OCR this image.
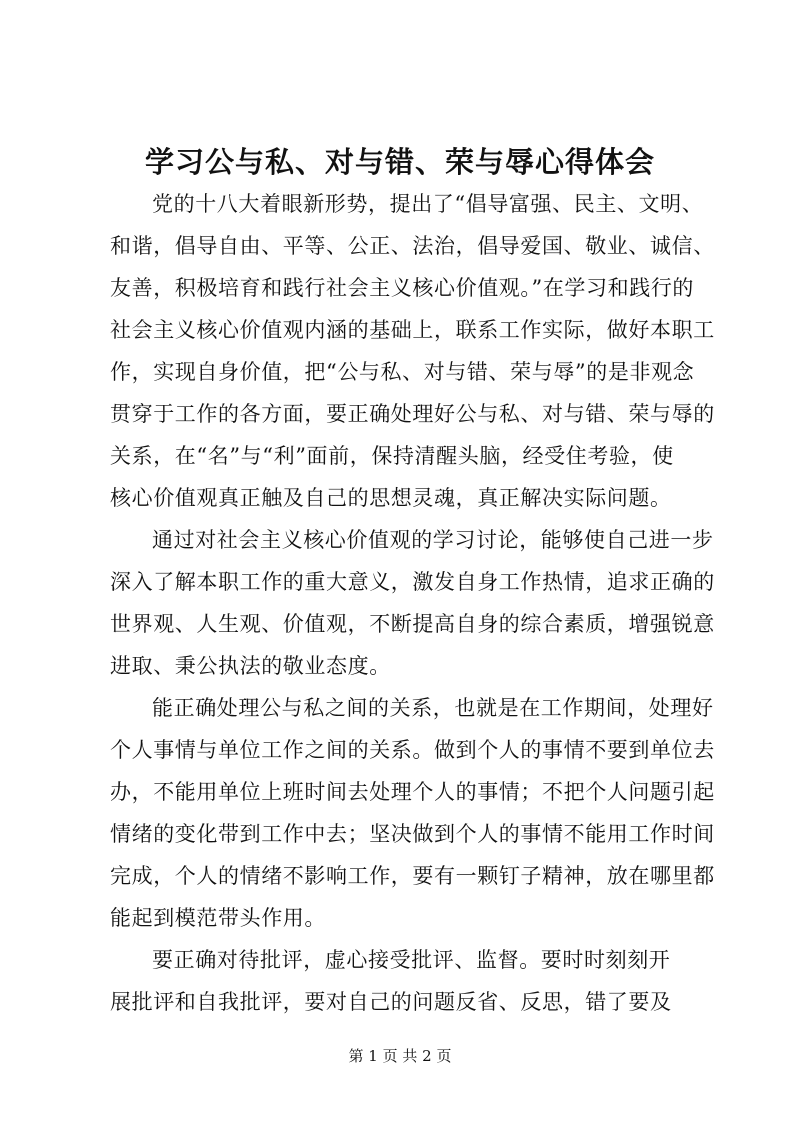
学习公与私、对与错、荣与辱心得体会
党的十八大着眼新形势，提出了“倡导富强、民主、文明、
和谐，倡导自由、平等、公正、法治，倡导爱国、敬业、诚信、
友善，积极培育和践行社会主义核心价值观。”在学习和践行的
社会主义核心价值观内涵的基础上，联系工作实际，做好本职工
作，实现自身价值，把“公与私、对与错、荣与辱”的是非观念
贯穿于工作的各方面，要正确处理好公与私、对与错、荣与辱的
关系，在“名”与“利”面前，保持清醒头脑，经受住考验，使
核心价值观真正触及自己的思想灵魂，真正解决实际问题。
通过对社会主义核心价值观的学习讨论，能够使自己进一步
深入了解本职工作的重大意义，激发自身工作热情，追求正确的
世界观、人生观、价值观，不断提高自身的综合素质，增强锐意
进取、秉公执法的敬业态度。
能正确处理公与私之间的关系，也就是在工作期间，处理好
个人事情与单位工作之间的关系。做到个人的事情不要到单位去
办，不能用单位上班时间去处理个人的事情；不把个人问题引起
情绪的变化带到工作中去；坚决做到个人的事情不能用工作时间
完成，个人的情绪不影响工作，要有一颗钉子精神，放在哪里都
能起到模范带头作用。
要正确对待批评，虚心接受批评、监督。要时时刻刻开
展批评和自我批评，要对自己的问题反省、反思，错了要及
第 1 页 共 2 页
